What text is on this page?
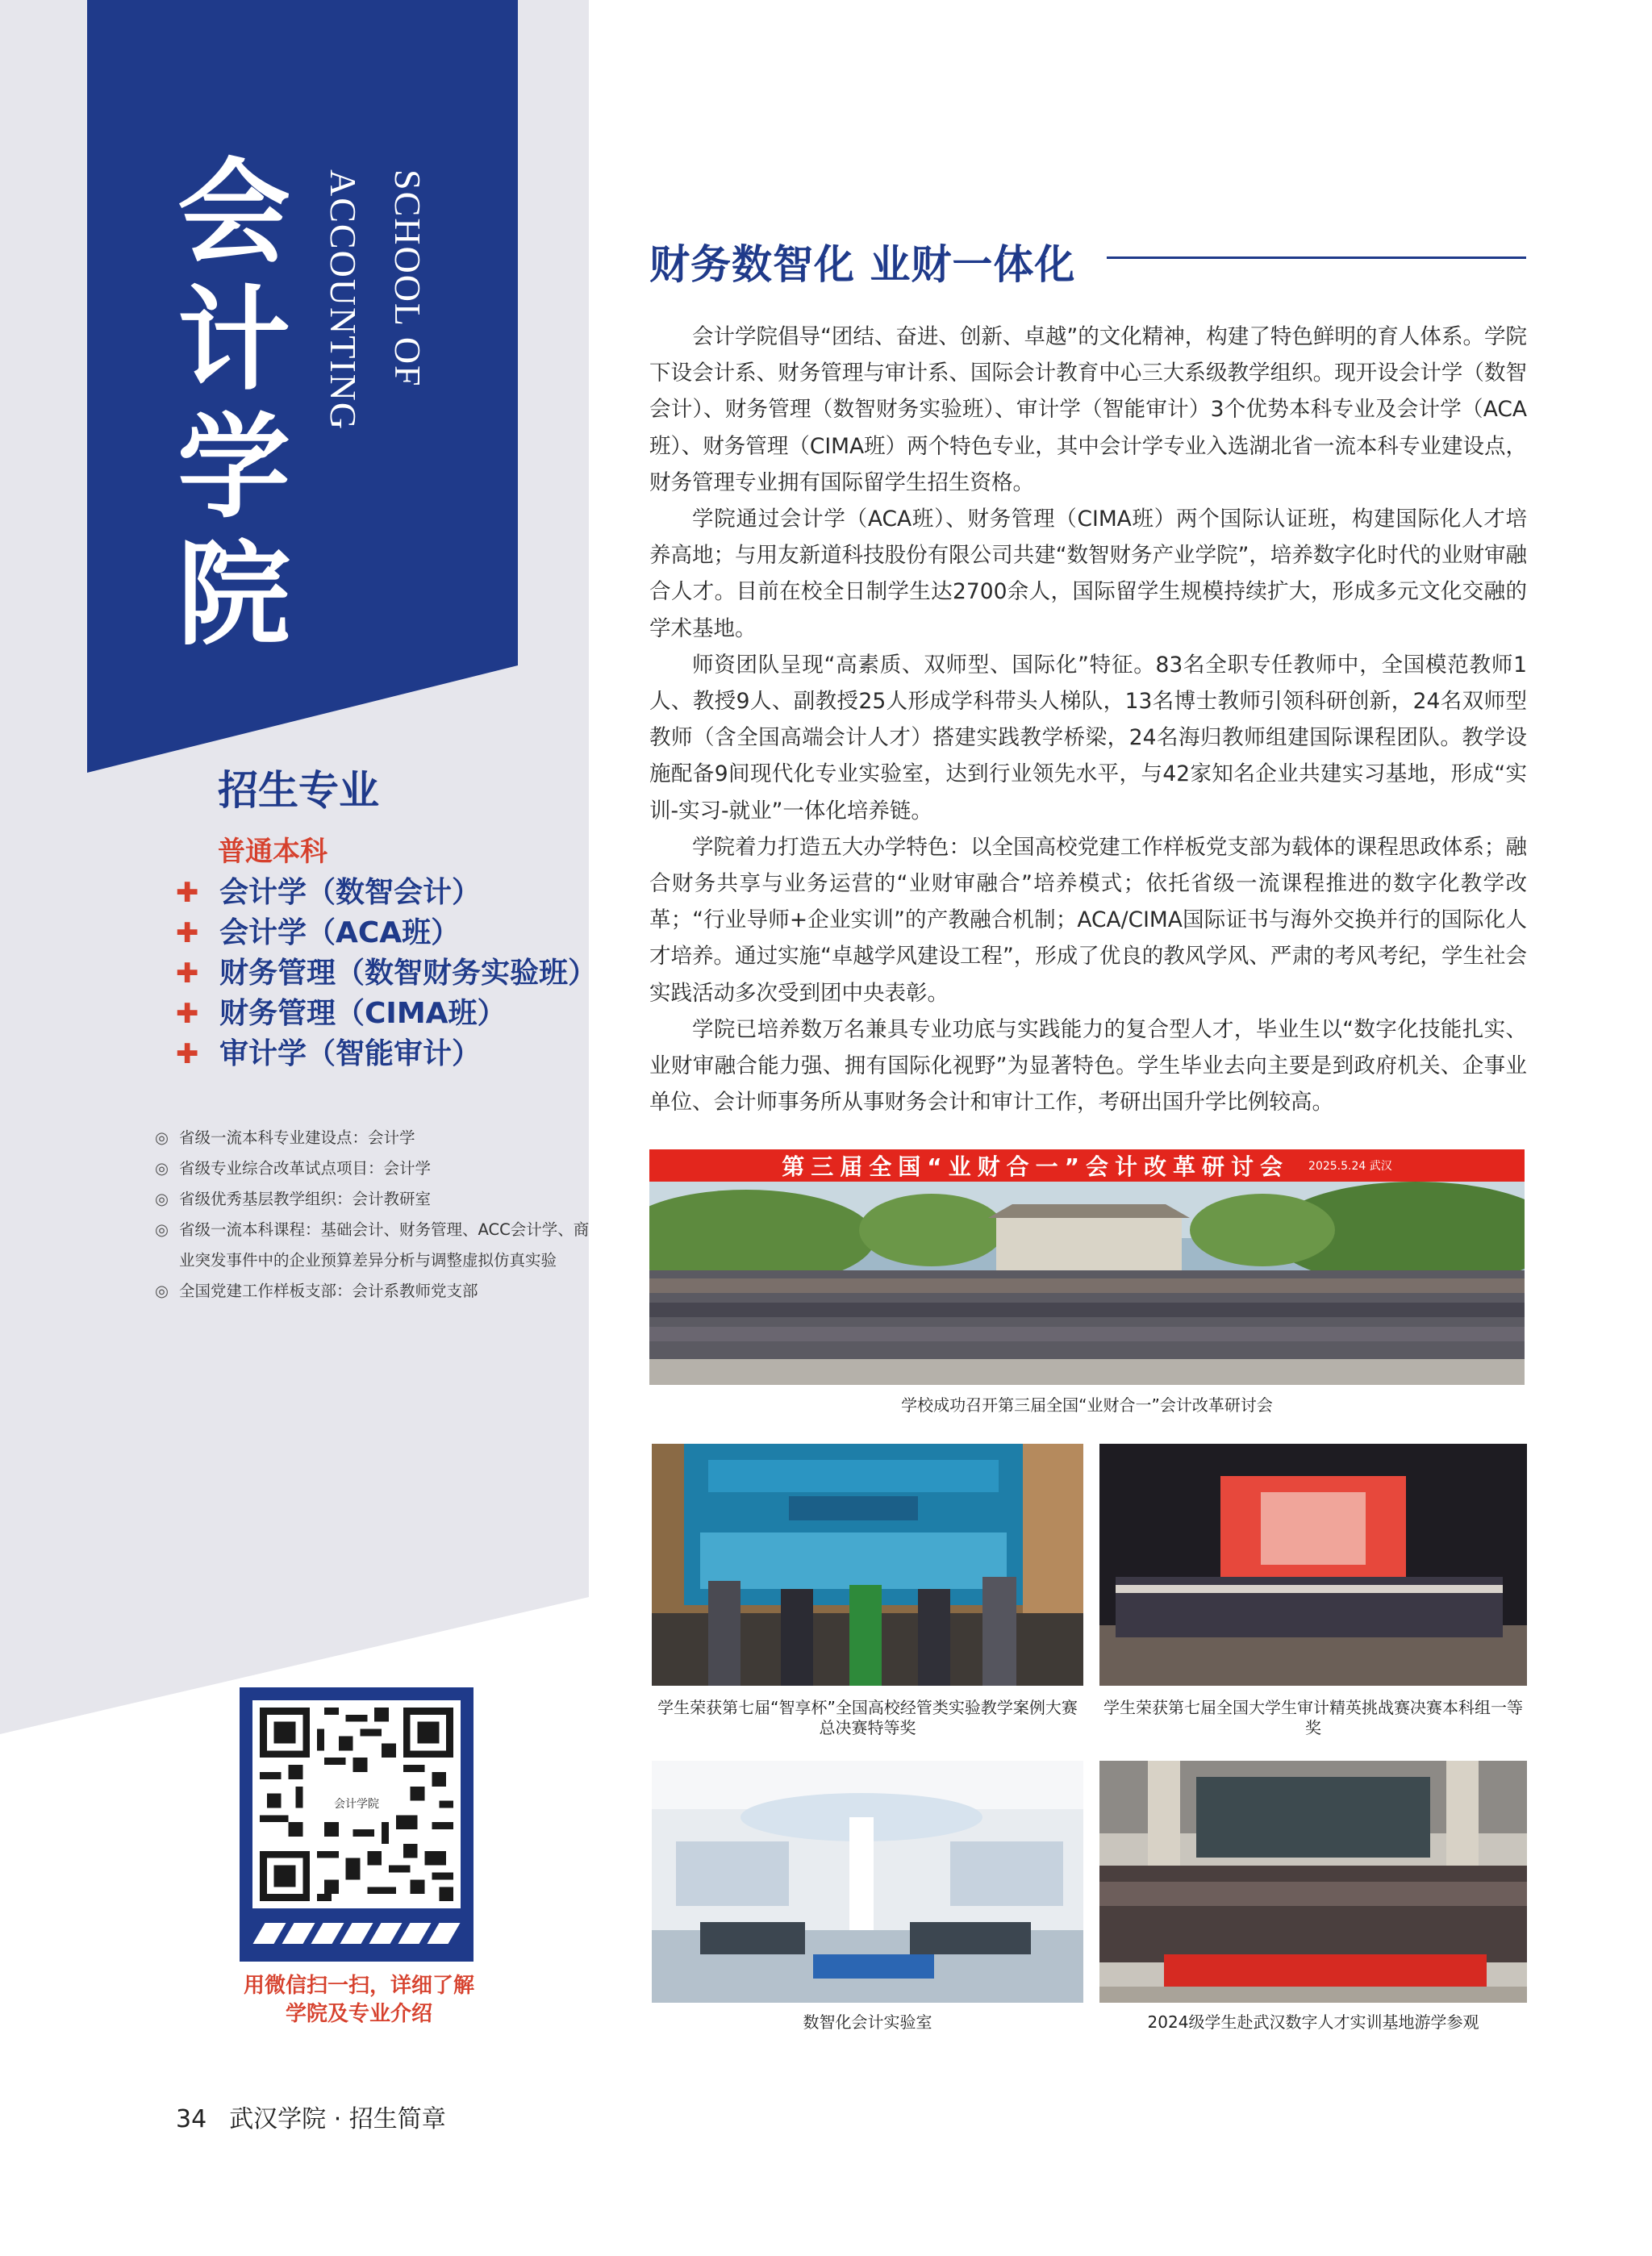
会
计
学
院
SCHOOL OF
ACCOUNTING
招生专业
普通本科
✚ 会计学（数智会计）
✚ 会计学（ACA班）
✚ 财务管理（数智财务实验班）
✚ 财务管理（CIMA班）
✚ 审计学（智能审计）
◎ 省级一流本科专业建设点：会计学
◎ 省级专业综合改革试点项目：会计学
◎ 省级优秀基层教学组织：会计教研室
◎ 省级一流本科课程：基础会计、财务管理、ACC会计学、商业突发事件中的企业预算差异分析与调整虚拟仿真实验
◎ 全国党建工作样板支部：会计系教师党支部
会计学院
用微信扫一扫，详细了解
学院及专业介绍
财务数智化 业财一体化

会计学院倡导“团结、奋进、创新、卓越”的文化精神，构建了特色鲜明的育人体系。学院下设会计系、财务管理与审计系、国际会计教育中心三大系级教学组织。现开设会计学（数智会计）、财务管理（数智财务实验班）、审计学（智能审计）3个优势本科专业及会计学（ACA班）、财务管理（CIMA班）两个特色专业，其中会计学专业入选湖北省一流本科专业建设点，财务管理专业拥有国际留学生招生资格。

学院通过会计学（ACA班）、财务管理（CIMA班）两个国际认证班，构建国际化人才培养高地；与用友新道科技股份有限公司共建“数智财务产业学院”，培养数字化时代的业财审融合人才。目前在校全日制学生达2700余人，国际留学生规模持续扩大，形成多元文化交融的学术基地。

师资团队呈现“高素质、双师型、国际化”特征。83名全职专任教师中，全国模范教师1人、教授9人、副教授25人形成学科带头人梯队，13名博士教师引领科研创新，24名双师型教师（含全国高端会计人才）搭建实践教学桥梁，24名海归教师组建国际课程团队。教学设施配备9间现代化专业实验室，达到行业领先水平，与42家知名企业共建实习基地，形成“实训-实习-就业”一体化培养链。

学院着力打造五大办学特色：以全国高校党建工作样板党支部为载体的课程思政体系；融合财务共享与业务运营的“业财审融合”培养模式；依托省级一流课程推进的数字化教学改革；“行业导师+企业实训”的产教融合机制；ACA/CIMA国际证书与海外交换并行的国际化人才培养。通过实施“卓越学风建设工程”，形成了优良的教风学风、严肃的考风考纪，学生社会实践活动多次受到团中央表彰。

学院已培养数万名兼具专业功底与实践能力的复合型人才，毕业生以“数字化技能扎实、业财审融合能力强、拥有国际化视野”为显著特色。学生毕业去向主要是到政府机关、企事业单位、会计师事务所从事财务会计和审计工作，考研出国升学比例较高。

第三届全国“业财合一”会计改革研讨会 2025.5.24 武汉
学校成功召开第三届全国“业财合一”会计改革研讨会
学生荣获第七届“智享杯”全国高校经管类实验教学案例大赛总决赛特等奖
学生荣获第七届全国大学生审计精英挑战赛决赛本科组一等奖
数智化会计实验室	2024级学生赴武汉数字人才实训基地游学参观
34 武汉学院 · 招生简章
